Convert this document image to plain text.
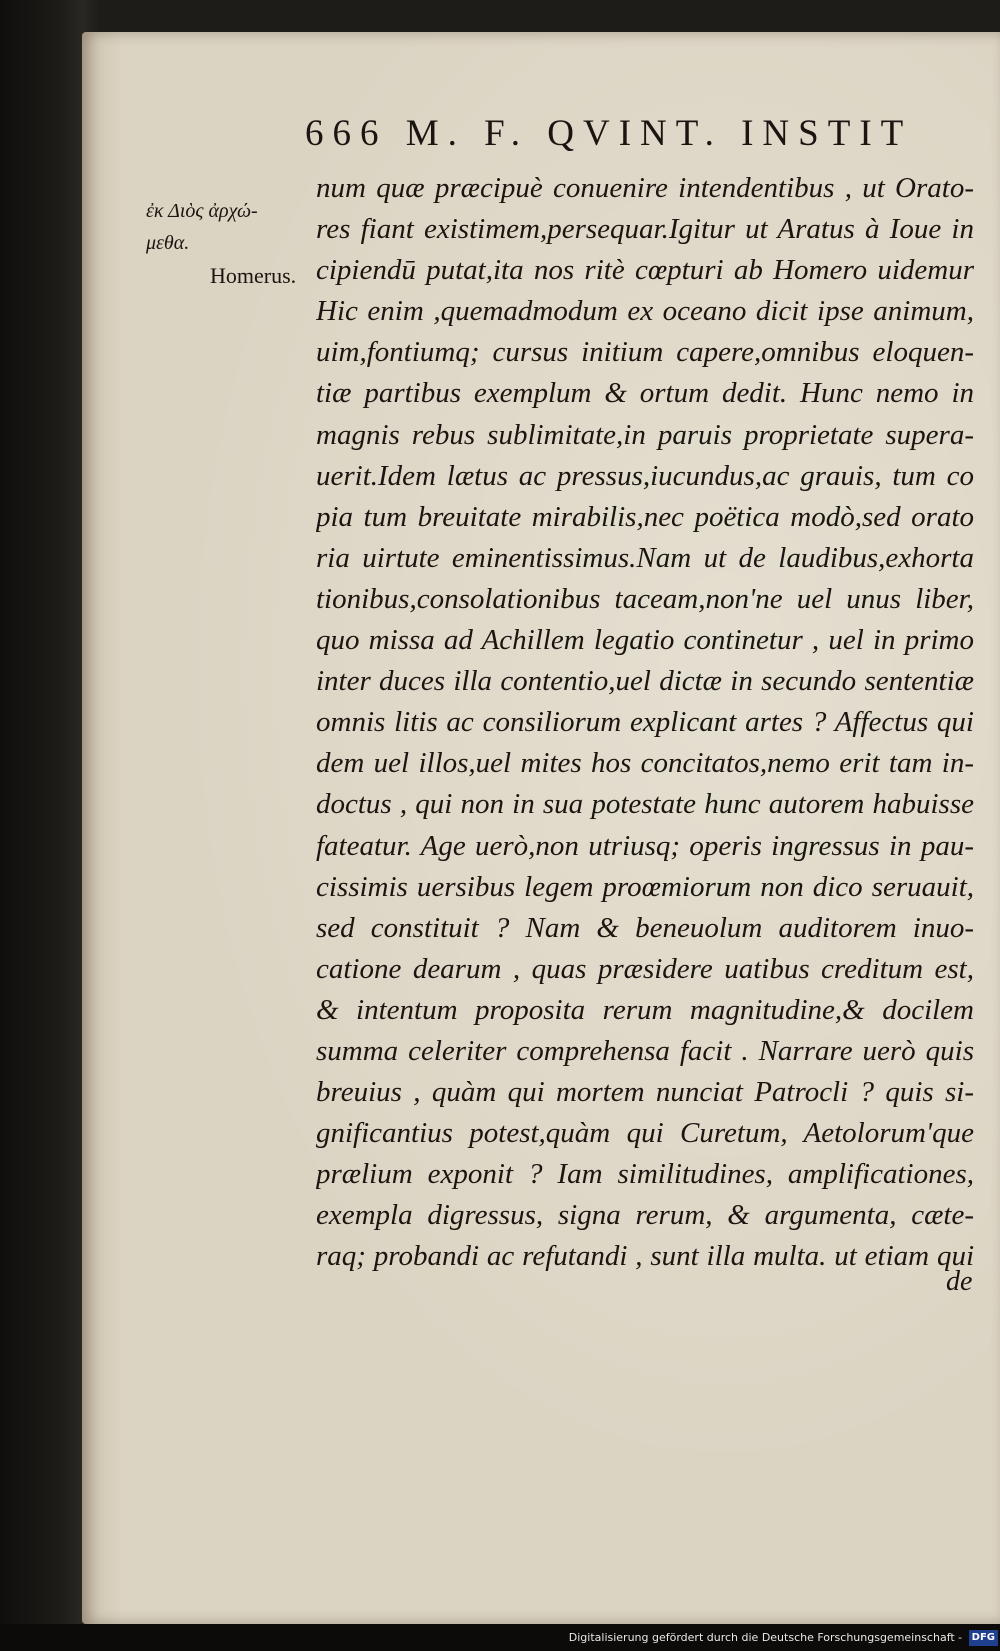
666 M. F. QVINT. INSTIT
ἐκ Διὸς ἀρχώ-
μεθα.
Homerus.
num quæ præcipuè conuenire intendentibus , ut Orato-
res fiant existimem,persequar.Igitur ut Aratus à Ioue in
cipiendū putat,ita nos ritè cœpturi ab Homero uidemur
Hic enim ,quemadmodum ex oceano dicit ipse animum,
uim,fontiumq; cursus initium capere,omnibus eloquen-
tiæ partibus exemplum & ortum dedit. Hunc nemo in
magnis rebus sublimitate,in paruis proprietate supera-
uerit.Idem lætus ac pressus,iucundus,ac grauis, tum co
pia tum breuitate mirabilis,nec poëtica modò,sed orato
ria uirtute eminentissimus.Nam ut de laudibus,exhorta
tionibus,consolationibus taceam,non'ne uel unus liber,
quo missa ad Achillem legatio continetur , uel in primo
inter duces illa contentio,uel dictæ in secundo sententiæ
omnis litis ac consiliorum explicant artes ? Affectus qui
dem uel illos,uel mites hos concitatos,nemo erit tam in-
doctus , qui non in sua potestate hunc autorem habuisse
fateatur. Age uerò,non utriusq; operis ingressus in pau-
cissimis uersibus legem proœmiorum non dico seruauit,
sed constituit ? Nam & beneuolum auditorem inuo-
catione dearum , quas præsidere uatibus creditum est,
& intentum proposita rerum magnitudine,& docilem
summa celeriter comprehensa facit . Narrare uerò quis
breuius , quàm qui mortem nunciat Patrocli ? quis si-
gnificantius potest,quàm qui Curetum, Aetolorum'que
prælium exponit ? Iam similitudines, amplificationes,
exempla digressus, signa rerum, & argumenta, cæte-
raq; probandi ac refutandi , sunt illa multa. ut etiam qui
de
Digitalisierung gefördert durch die Deutsche Forschungsgemeinschaft - DFG
